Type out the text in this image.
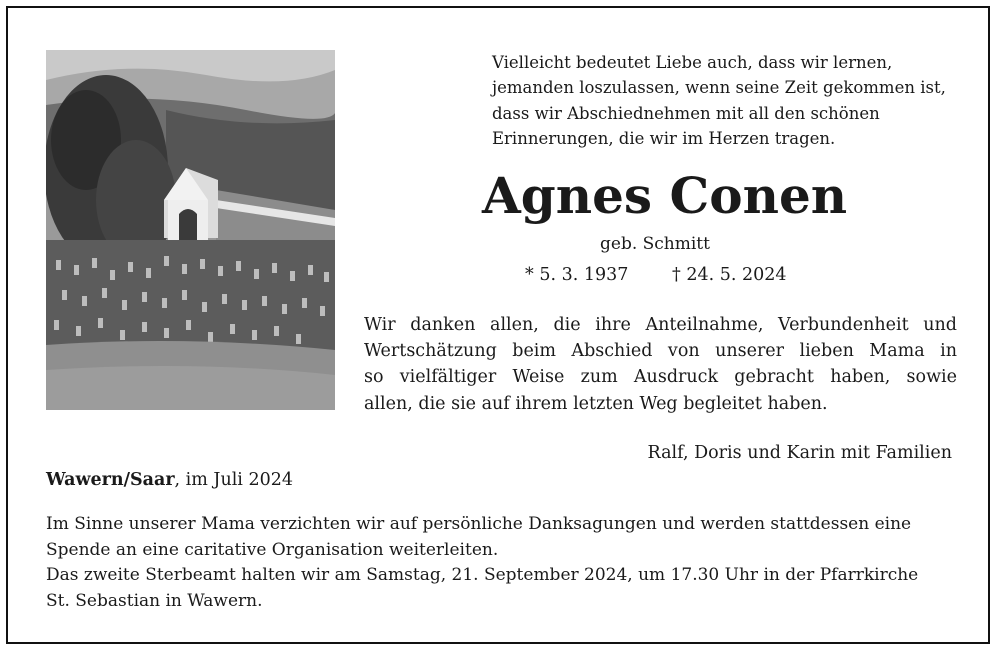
Vielleicht bedeutet Liebe auch, dass wir lernen,
jemanden loszulassen, wenn seine Zeit gekommen ist,
dass wir Abschiednehmen mit all den schönen
Erinnerungen, die wir im Herzen tragen.
Agnes Conen
geb. Schmitt
* 5. 3. 1937 † 24. 5. 2024
Wir danken allen, die ihre Anteilnahme, Verbundenheit und
Wertschätzung beim Abschied von unserer lieben Mama in
so vielfältiger Weise zum Ausdruck gebracht haben, sowie
allen, die sie auf ihrem letzten Weg begleitet haben.
Ralf, Doris und Karin mit Familien
Wawern/Saar, im Juli 2024

Im Sinne unserer Mama verzichten wir auf persönliche Danksagungen und werden stattdessen eine
Spende an eine caritative Organisation weiterleiten.

Das zweite Sterbeamt halten wir am Samstag, 21. September 2024, um 17.30 Uhr in der Pfarrkirche
St. Sebastian in Wawern.
